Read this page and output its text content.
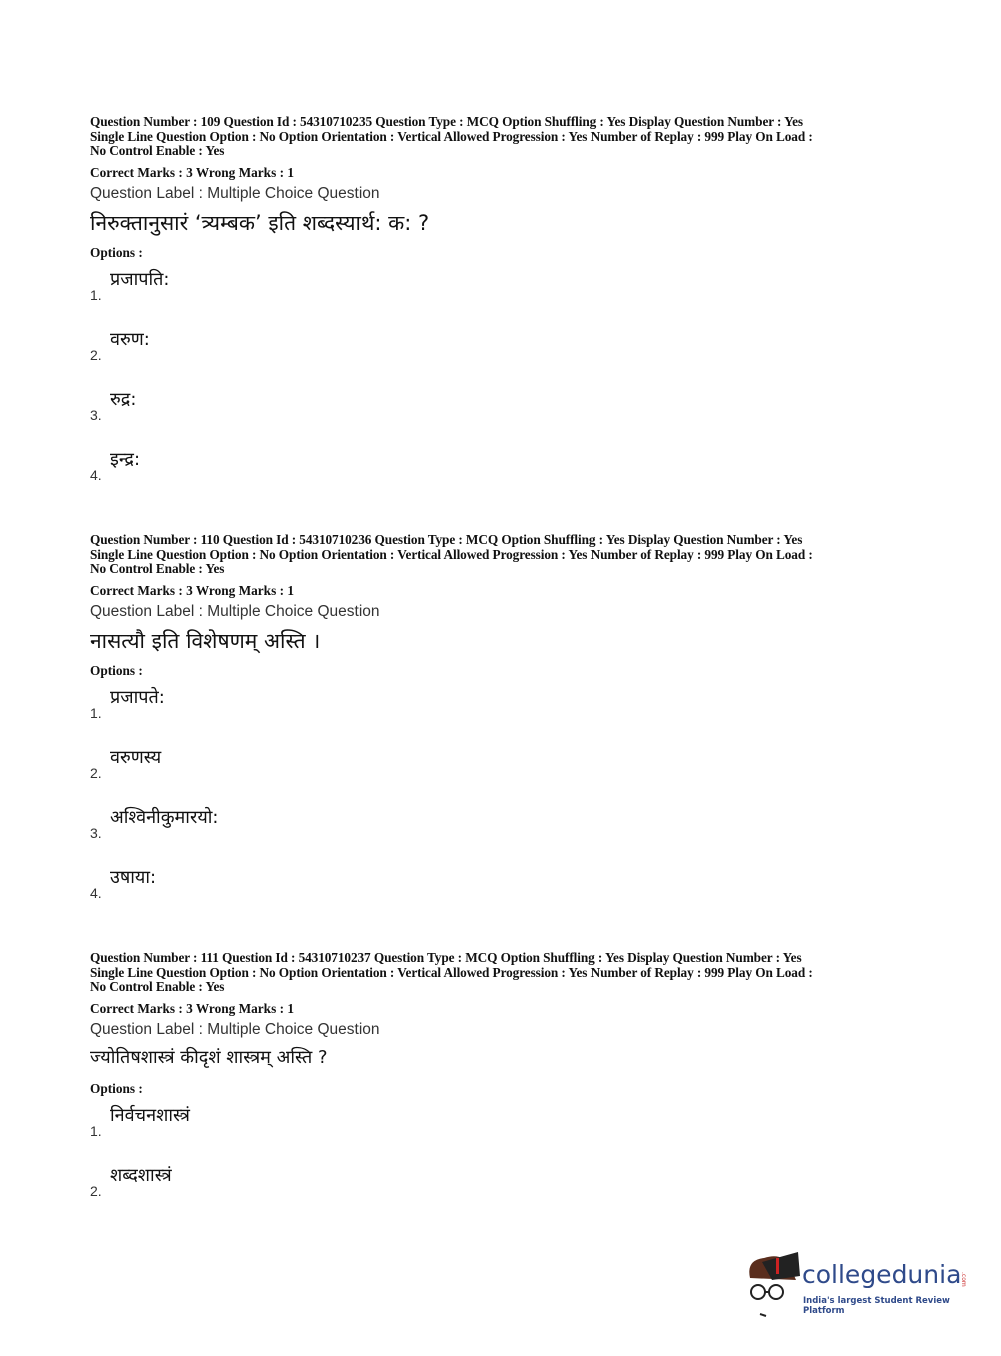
Question Number : 109 Question Id : 54310710235 Question Type : MCQ Option Shuffling : Yes Display Question Number : Yes
Single Line Question Option : No Option Orientation : Vertical Allowed Progression : Yes Number of Replay : 999 Play On Load :
No Control Enable : Yes
Correct Marks : 3 Wrong Marks : 1
Question Label : Multiple Choice Question
निरुक्तानुसारं ‘त्र्यम्बक’ इति शब्दस्यार्थ: क: ?
Options :
1.
प्रजापति:
2.
वरुण:
3.
रुद्र:
4.
इन्द्र:
Question Number : 110 Question Id : 54310710236 Question Type : MCQ Option Shuffling : Yes Display Question Number : Yes
Single Line Question Option : No Option Orientation : Vertical Allowed Progression : Yes Number of Replay : 999 Play On Load :
No Control Enable : Yes
Correct Marks : 3 Wrong Marks : 1
Question Label : Multiple Choice Question
नासत्यौ इति विशेषणम् अस्ति ।
Options :
1.
प्रजापते:
2.
वरुणस्य
3.
अश्विनीकुमारयो:
4.
उषाया:
Question Number : 111 Question Id : 54310710237 Question Type : MCQ Option Shuffling : Yes Display Question Number : Yes
Single Line Question Option : No Option Orientation : Vertical Allowed Progression : Yes Number of Replay : 999 Play On Load :
No Control Enable : Yes
Correct Marks : 3 Wrong Marks : 1
Question Label : Multiple Choice Question
ज्योतिषशास्त्रं कीदृशं शास्त्रम् अस्ति ?
Options :
1.
निर्वचनशास्त्रं
2.
शब्दशास्त्रं
collegedunia
.com
India's largest Student Review Platform
